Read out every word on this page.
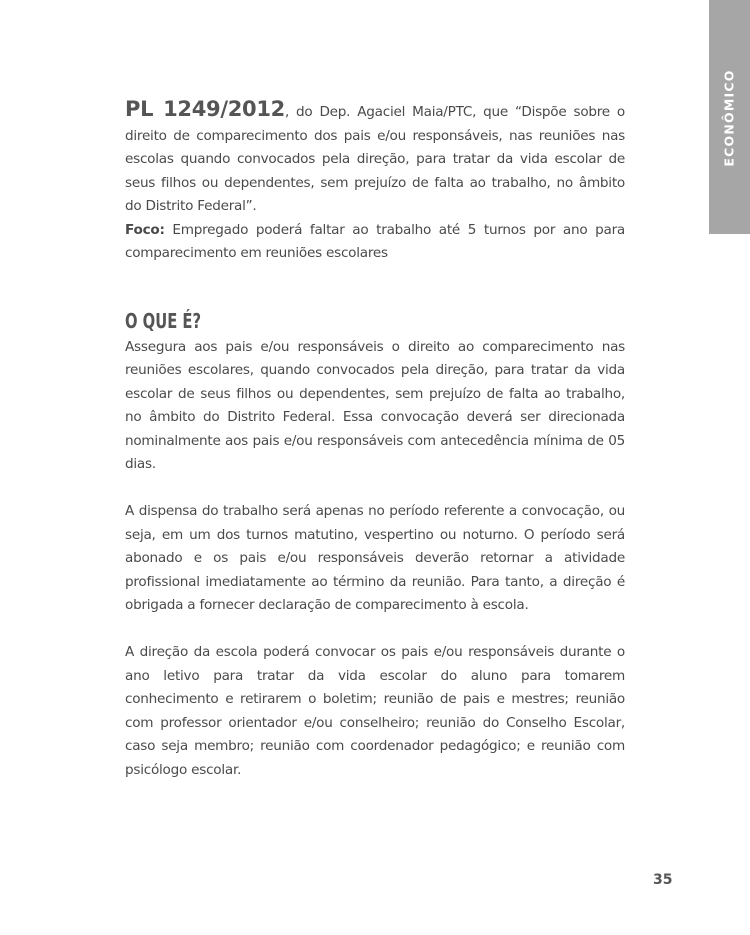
ECONÔMICO

PL 1249/2012, do Dep. Agaciel Maia/PTC, que “Dispõe sobre o direito de comparecimento dos pais e/ou responsáveis, nas reuniões nas escolas quando convocados pela direção, para tratar da vida escolar de seus filhos ou dependentes, sem prejuízo de falta ao trabalho, no âmbito do Distrito Federal”.
Foco: Empregado poderá faltar ao trabalho até 5 turnos por ano para comparecimento em reuniões escolares

O QUE É?

Assegura aos pais e/ou responsáveis o direito ao comparecimento nas reuniões escolares, quando convocados pela direção, para tratar da vida escolar de seus filhos ou dependentes, sem prejuízo de falta ao trabalho, no âmbito do Distrito Federal. Essa convocação deverá ser direcionada nominalmente aos pais e/ou responsáveis com antecedência mínima de 05 dias.

A dispensa do trabalho será apenas no período referente a convocação, ou seja, em um dos turnos matutino, vespertino ou noturno. O período será abonado e os pais e/ou responsáveis deverão retornar a atividade profissional imediatamente ao término da reunião. Para tanto, a direção é obrigada a fornecer declaração de comparecimento à escola.

A direção da escola poderá convocar os pais e/ou responsáveis durante o ano letivo para tratar da vida escolar do aluno para tomarem conhecimento e retirarem o boletim; reunião de pais e mestres; reunião com professor orientador e/ou conselheiro; reunião do Conselho Escolar, caso seja membro; reunião com coordenador pedagógico; e reunião com psicólogo escolar.

35
